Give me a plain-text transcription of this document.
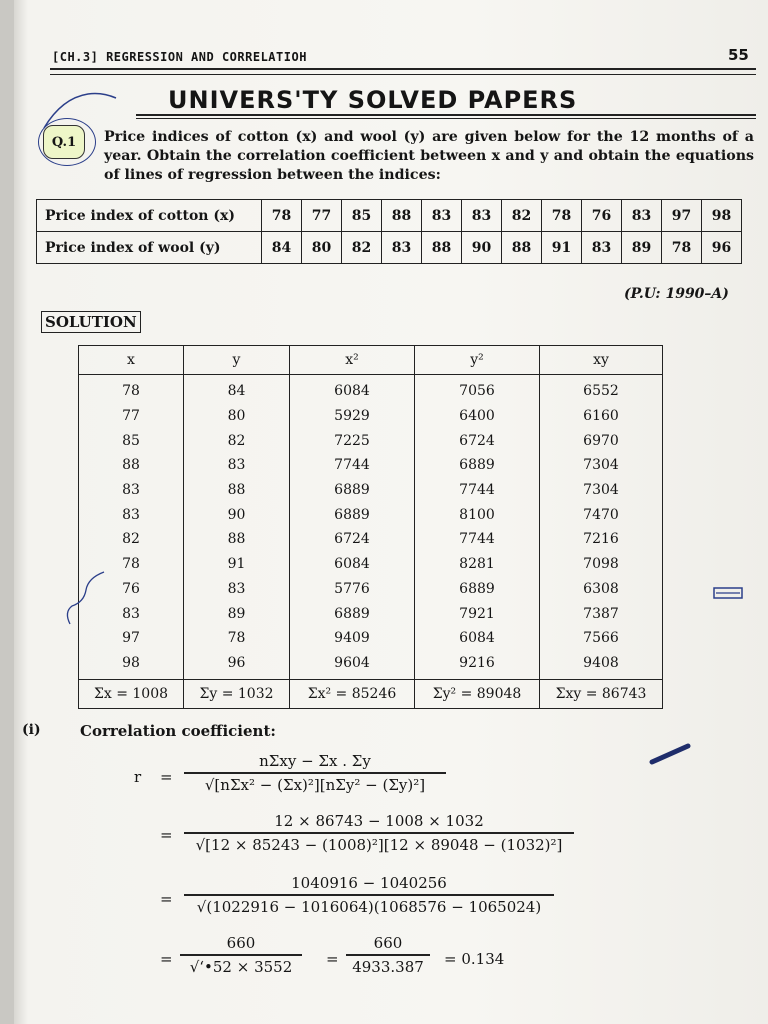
[CH.3] REGRESSION AND CORRELATIOH	55
UNIVERS'TY SOLVED PAPERS
Q.1	Price indices of cotton (x) and wool (y) are given below for the 12 months of a year. Obtain the correlation coefficient between x and y and obtain the equations of lines of regression between the indices:
Price index of cotton (x)	78	77	85	88	83	83	82	78	76	83	97	98
Price index of wool (y)	84	80	82	83	88	90	88	91	83	89	78	96
(P.U: 1990–A)
SOLUTION
x	y	x²	y²	xy
78	84	6084	7056	6552
77	80	5929	6400	6160
85	82	7225	6724	6970
88	83	7744	6889	7304
83	88	6889	7744	7304
83	90	6889	8100	7470
82	88	6724	7744	7216
78	91	6084	8281	7098
76	83	5776	6889	6308
83	89	6889	7921	7387
97	78	9409	6084	7566
98	96	9604	9216	9408
Σx = 1008	Σy = 1032	Σx² = 85246	Σy² = 89048	Σxy = 86743
(i)	Correlation coefficient:
r =
nΣxy − Σx . Σy
√[nΣx² − (Σx)²][nΣy² − (Σy)²]
=
12 × 86743 − 1008 × 1032
√[12 × 85243 − (1008)²][12 × 89048 − (1032)²]
=
1040916 − 1040256
√(1022916 − 1016064)(1068576 − 1065024)
=
660
√‘•52 × 3552	=
660
4933.387	= 0.134
